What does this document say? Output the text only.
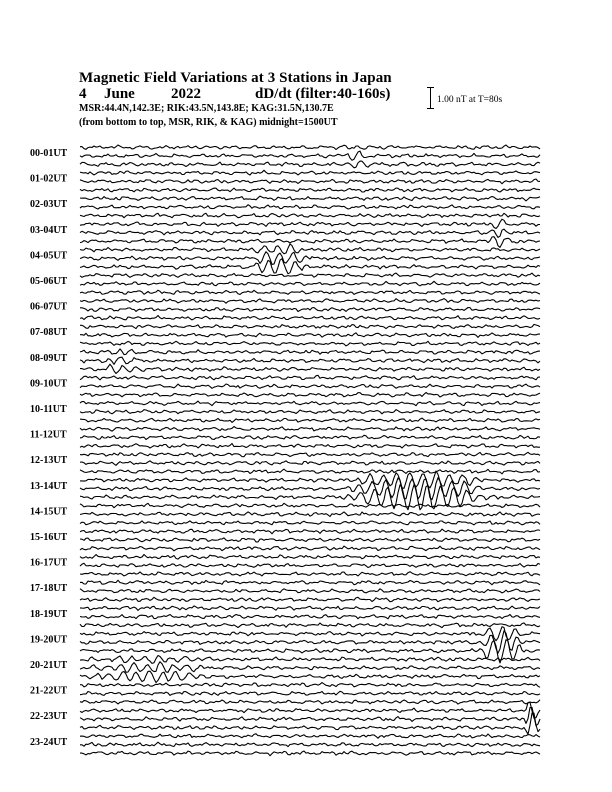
Magnetic Field Variations at 3 Stations in Japan
4 June 2022	dD/dt (filter:40-160s)
MSR:44.4N,142.3E; RIK:43.5N,143.8E; KAG:31.5N,130.7E
(from bottom to top, MSR, RIK, & KAG) midnight=1500UT
1.00 nT at T=80s
00-01UT
01-02UT
02-03UT
03-04UT
04-05UT
05-06UT
06-07UT
07-08UT
08-09UT
09-10UT
10-11UT
11-12UT
12-13UT
13-14UT
14-15UT
15-16UT
16-17UT
17-18UT
18-19UT
19-20UT
20-21UT
21-22UT
22-23UT
23-24UT
